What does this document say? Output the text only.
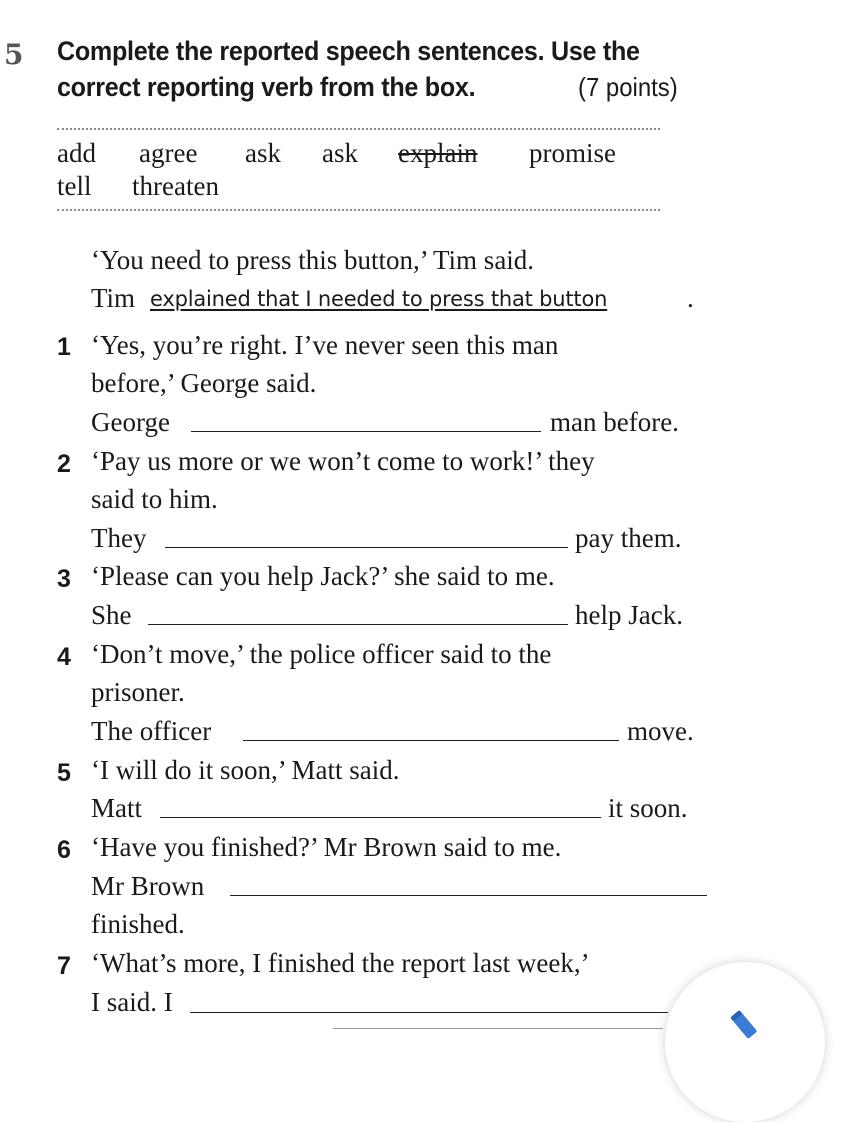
5 Complete the reported speech sentences. Use the
correct reporting verb from the box.	(7 points)
add agree ask ask explain promise
tell threaten
‘You need to press this button,’ Tim said.
Tim explained that I needed to press that button	.
1 ‘Yes, you’re right. I’ve never seen this man
before,’ George said.
George	man before.
2 ‘Pay us more or we won’t come to work!’ they
said to him.
They	pay them.
3 ‘Please can you help Jack?’ she said to me.
She	help Jack.
4 ‘Don’t move,’ the police officer said to the
prisoner.
The officer	move.
5 ‘I will do it soon,’ Matt said.
Matt	it soon.
6 ‘Have you finished?’ Mr Brown said to me.
Mr Brown
finished.
7 ‘What’s more, I finished the report last week,’
I said. I
